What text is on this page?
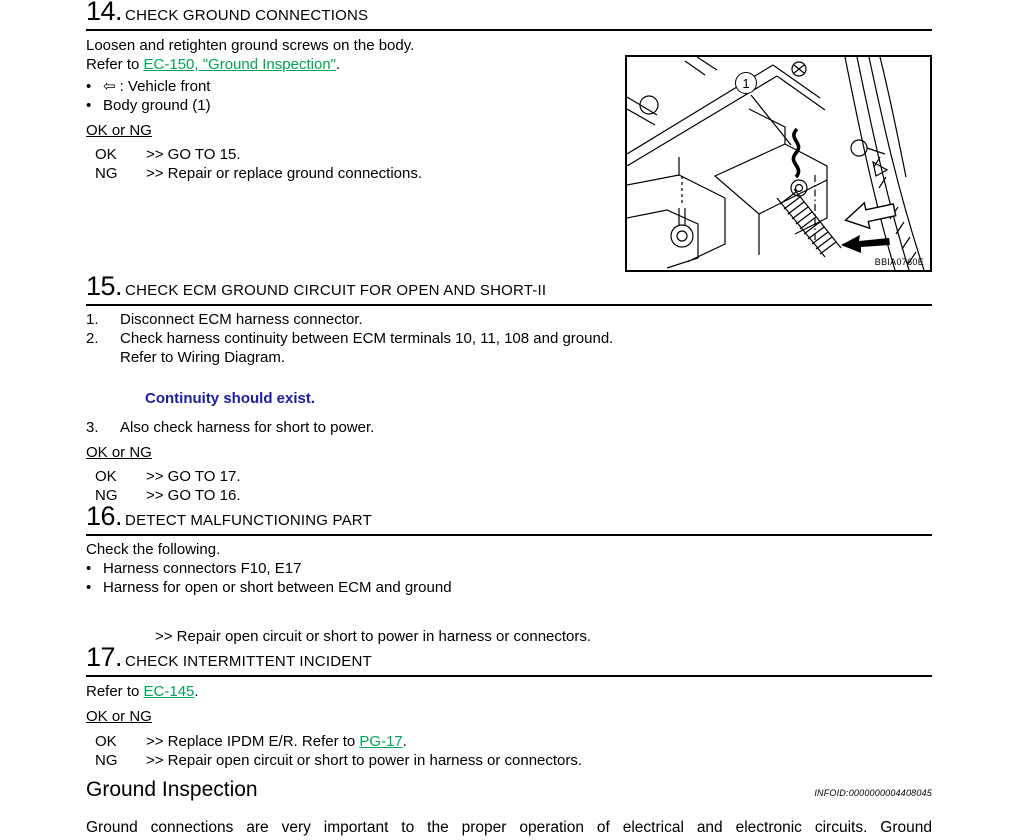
14. CHECK GROUND CONNECTIONS
Loosen and retighten ground screws on the body.
Refer to EC-150, "Ground Inspection".
• ⇦ : Vehicle front
• Body ground (1)
OK or NG
OK	>> GO TO 15.
NG	>> Repair or replace ground connections.
15. CHECK ECM GROUND CIRCUIT FOR OPEN AND SHORT-II
1.	Disconnect ECM harness connector.
2.	Check harness continuity between ECM terminals 10, 11, 108 and ground.
Refer to Wiring Diagram.
Continuity should exist.
3.	Also check harness for short to power.
OK or NG
OK	>> GO TO 17.
NG	>> GO TO 16.
16. DETECT MALFUNCTIONING PART
Check the following.
• Harness connectors F10, E17
• Harness for open or short between ECM and ground
>> Repair open circuit or short to power in harness or connectors.
17. CHECK INTERMITTENT INCIDENT
Refer to EC-145.
OK or NG
OK	>> Replace IPDM E/R. Refer to PG-17.
NG	>> Repair open circuit or short to power in harness or connectors.
Ground Inspection	INFOID:0000000004408045
Ground connections are very important to the proper operation of electrical and electronic circuits. Ground
1
BBIA0760E
